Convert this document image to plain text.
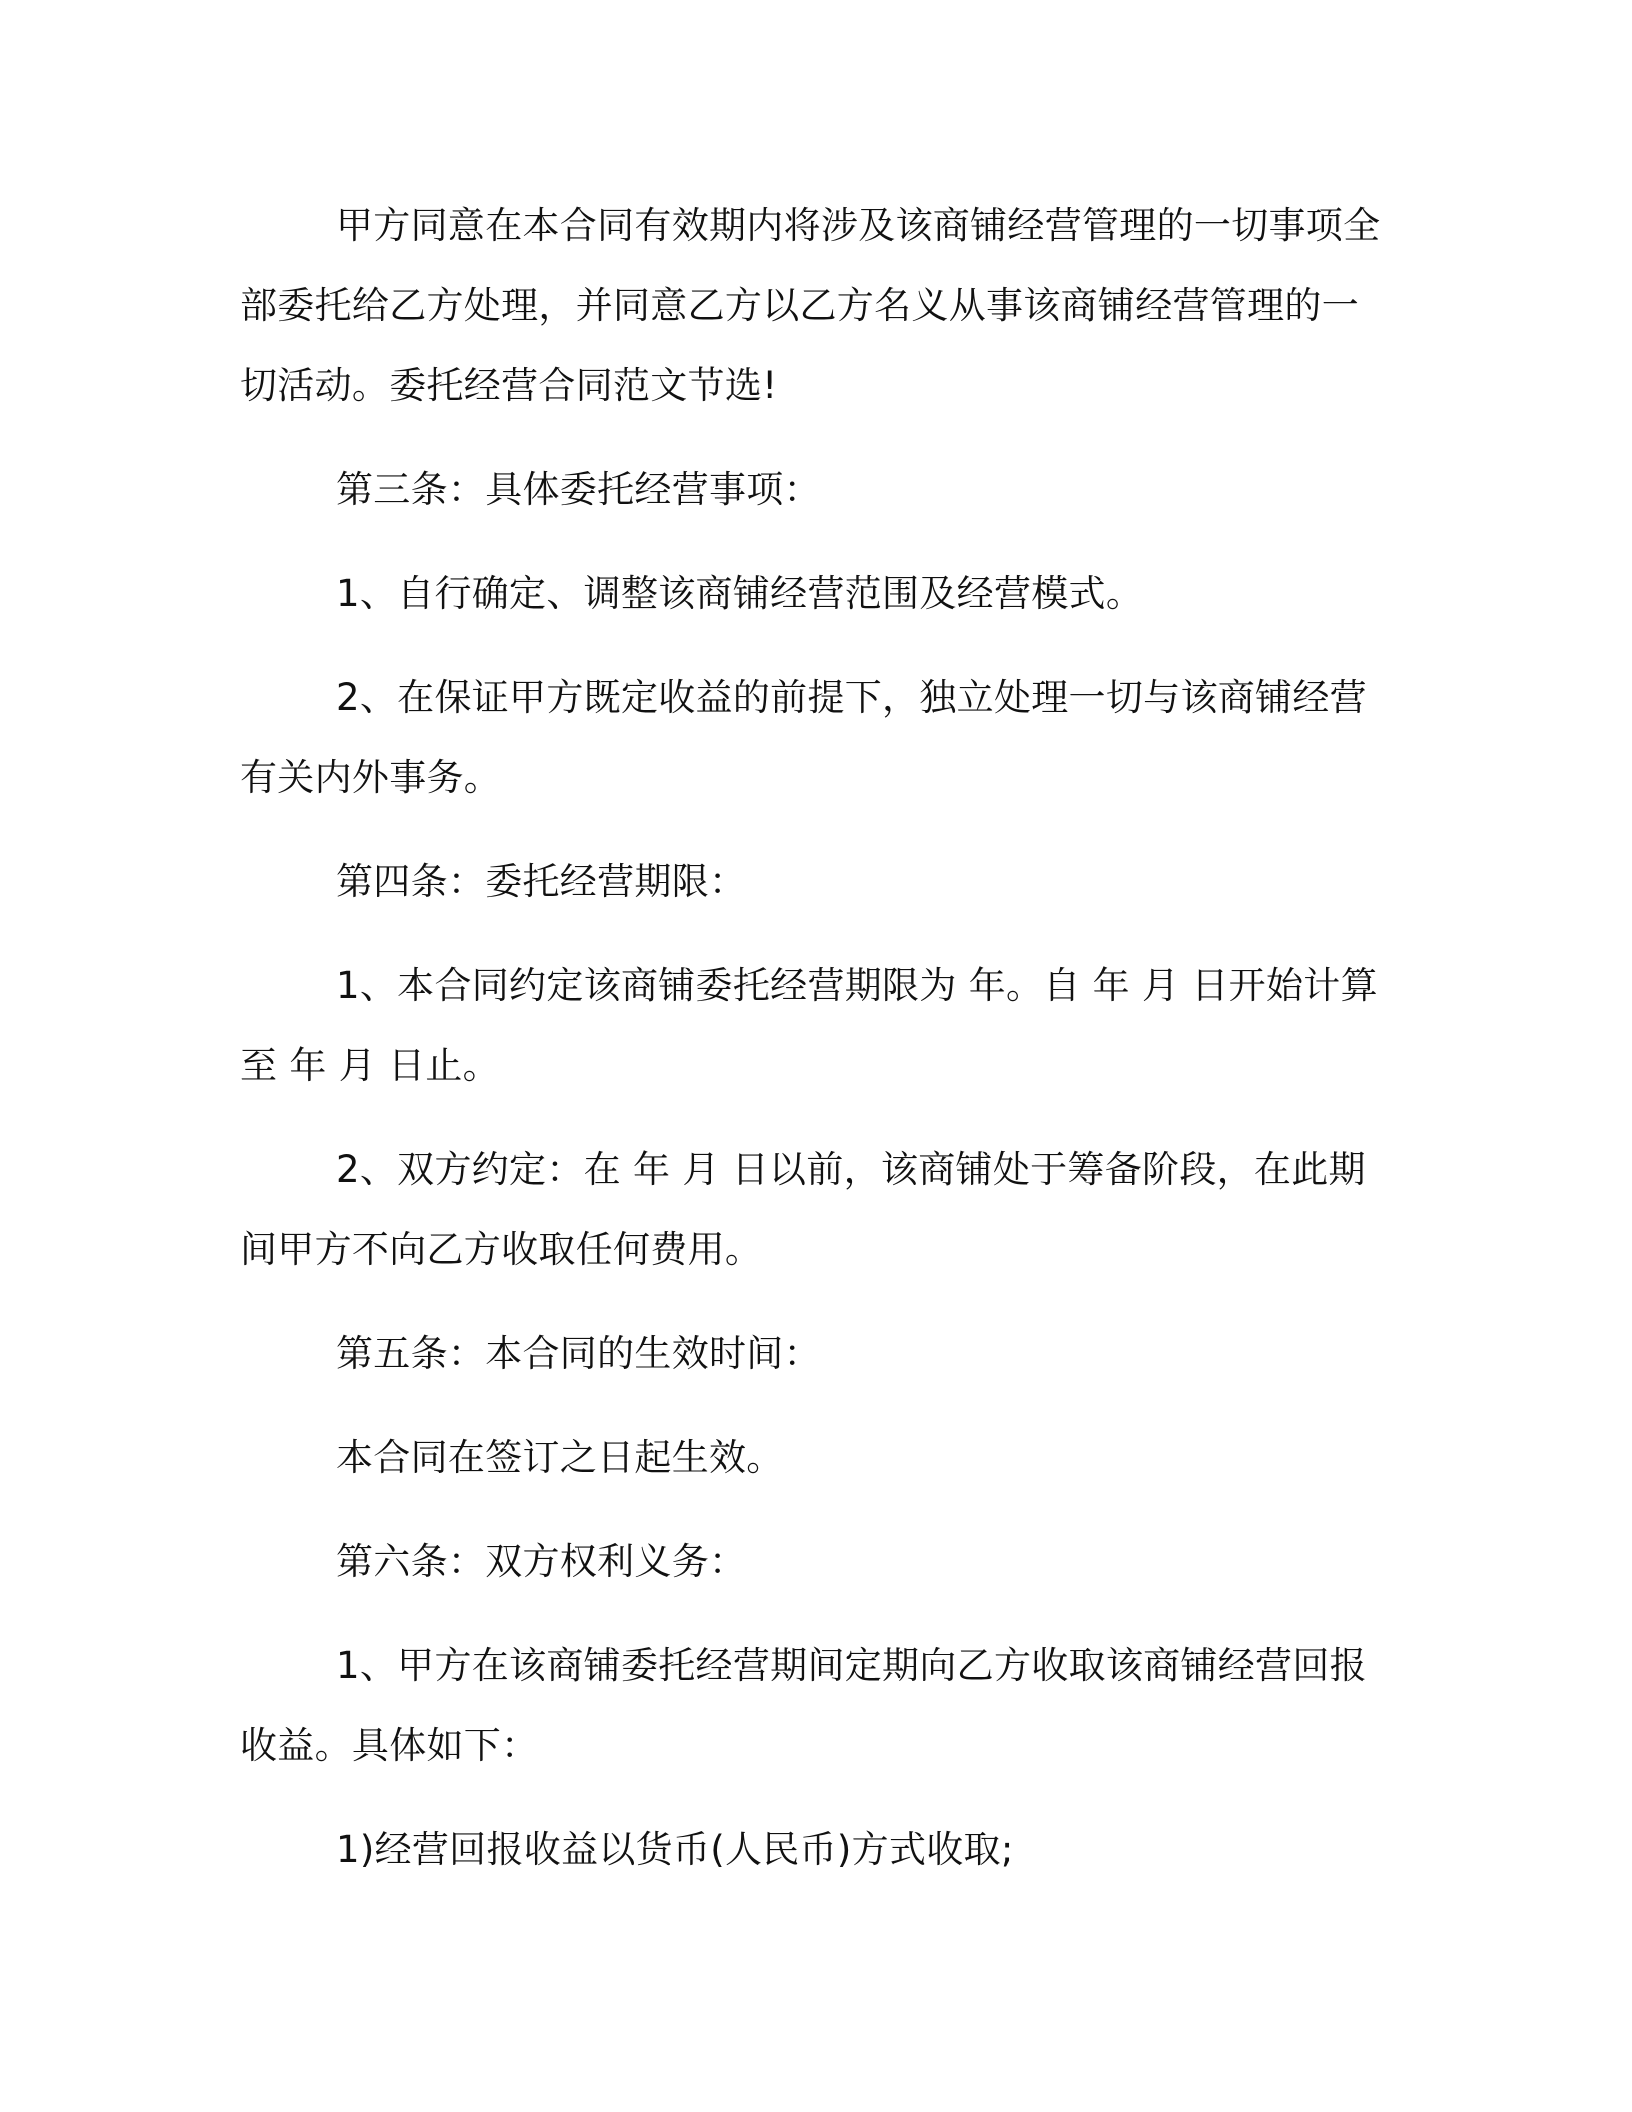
甲方同意在本合同有效期内将涉及该商铺经营管理的一切事项全部委托给乙方处理，并同意乙方以乙方名义从事该商铺经营管理的一切活动。委托经营合同范文节选!

第三条：具体委托经营事项：

1、自行确定、调整该商铺经营范围及经营模式。

2、在保证甲方既定收益的前提下，独立处理一切与该商铺经营有关内外事务。

第四条：委托经营期限：

1、本合同约定该商铺委托经营期限为 年。自 年 月 日开始计算至 年 月 日止。

2、双方约定：在 年 月 日以前，该商铺处于筹备阶段，在此期间甲方不向乙方收取任何费用。

第五条：本合同的生效时间：

本合同在签订之日起生效。

第六条：双方权利义务：

1、甲方在该商铺委托经营期间定期向乙方收取该商铺经营回报收益。具体如下：

1)经营回报收益以货币(人民币)方式收取;
